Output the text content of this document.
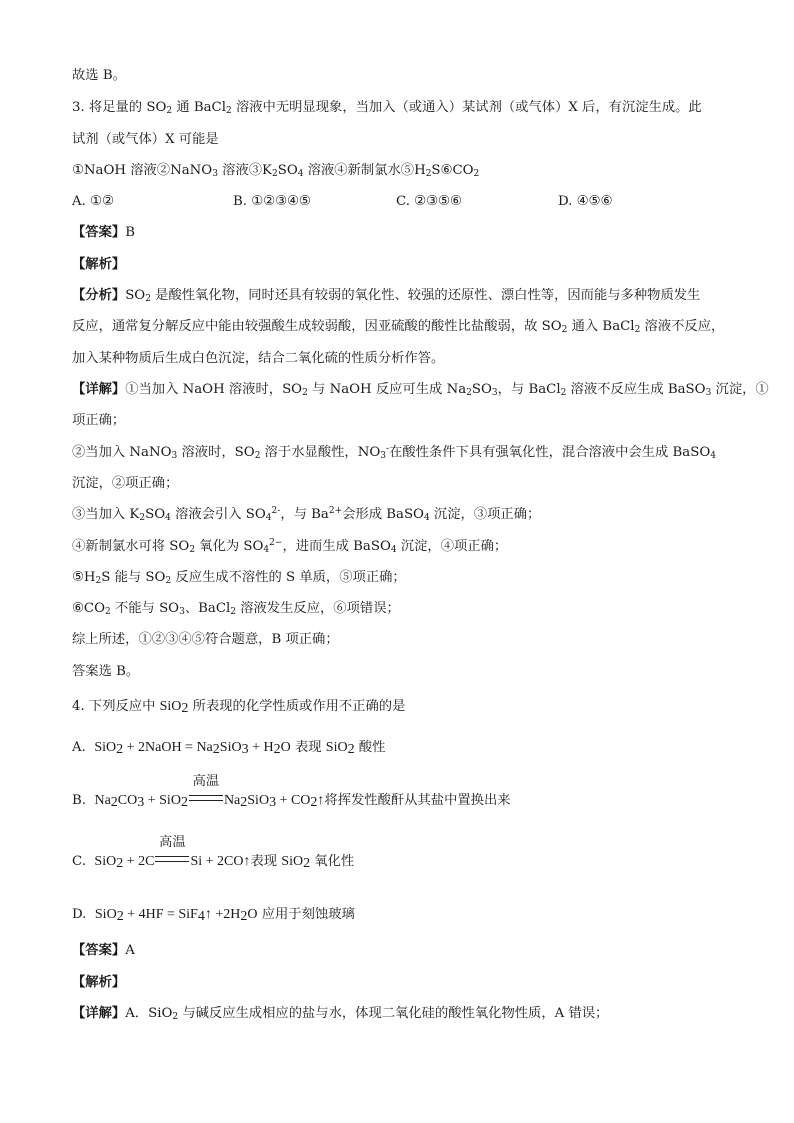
故选 B。
3. 将足量的 $SO_2$ 通 BaCl$_2$ 溶液中无明显现象，当加入（或通入）某试剂（或气体）X 后，有沉淀生成。此
试剂（或气体）X 可能是
①NaOH 溶液②NaNO$_3$ 溶液$③K_2SO_4$ 溶液④新制氯水$⑤H_2S⑥CO_2$
A. ①②	B. ①②③④⑤	C. ②③⑤⑥	D. ④⑤⑥
【答案】B
【解析】
【分析】$SO_2$ 是酸性氧化物，同时还具有较弱的氧化性、较强的还原性、漂白性等，因而能与多种物质发生
反应，通常复分解反应中能由较强酸生成较弱酸，因亚硫酸的酸性比盐酸弱，故 $SO_2$ 通入 BaCl$_2$ 溶液不反应，
加入某种物质后生成白色沉淀，结合二氧化硫的性质分析作答。
【详解】①当加入 NaOH 溶液时，$SO_2$ 与 NaOH 反应可生成 $Na_2SO_3$，与 BaCl$_2$ 溶液不反应生成 BaSO$_3$ 沉淀，①
项正确；
②当加入 NaNO$_3$ 溶液时，$SO_2$ 溶于水显酸性，$NO_3^-$在酸性条件下具有强氧化性，混合溶液中会生成 BaSO$_4$
沉淀，②项正确；
③当加入 $K_2SO_4$ 溶液会引入 $SO_4^{2-}$，与 $Ba^{2+}$会形成 BaSO$_4$ 沉淀，③项正确；
④新制氯水可将 $SO_2$ 氧化为 $SO_4^{2-}$，进而生成 BaSO$_4$ 沉淀，④项正确；
$⑤H_2S$ 能与 $SO_2$ 反应生成不溶性的 S 单质，⑤项正确；
$⑥CO_2$ 不能与 $SO_3$、BaCl$_2$ 溶液发生反应，⑥项错误；
综上所述，①②③④⑤符合题意，B 项正确；
答案选 B。
4. 下列反应中 SiO$_2$ 所表现的化学性质或作用不正确的是
A. SiO$_2$ + 2NaOH = $Na_2SiO_3 + H_2O$ 表现 SiO$_2$ 酸性
B. $Na_2CO_3 + SiO_2$
高温
$Na_2SiO_3$ + $CO_2↑$将挥发性酸酐从其盐中置换出来
C. SiO$_2$ + 2C
高温
Si + 2CO↑表现 SiO$_2$ 氧化性
D. SiO$_2$ + 4HF = SiF$_4$↑ $+2H_2O$ 应用于刻蚀玻璃
【答案】A
【解析】
【详解】A．SiO$_2$ 与碱反应生成相应的盐与水，体现二氧化硅的酸性氧化物性质，A 错误；
